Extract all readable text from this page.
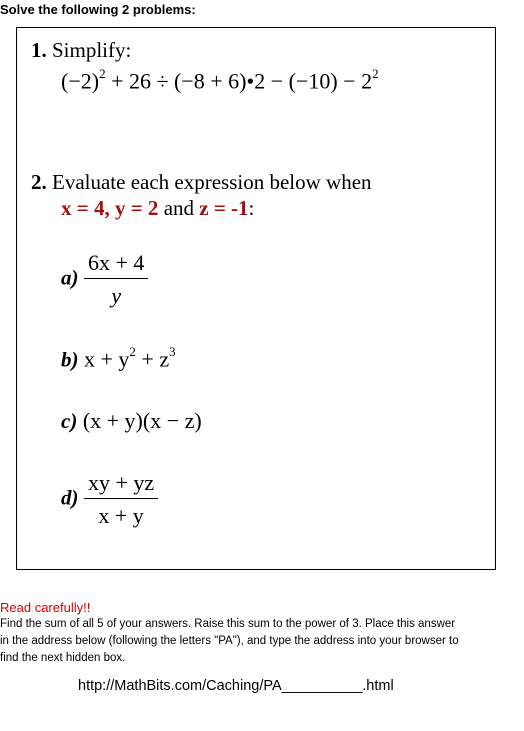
Solve the following 2 problems:
1. Simplify:
$(-2)^2 + 26 \div (-8$ + 6)•2 − $(-10) - 2^2$
2. Evaluate each expression below when
x = 4, y = 2 and z = -1:
$a) \frac{6x + 4}{y}$
b) $x + y^2 + z^3$
c) (x + y)(x − z)
$d) \frac{xy + yz}{x + y}$
Read carefully!!
Find the sum of all 5 of your answers. Raise this sum to the power of 3. Place this answer
in the address below (following the letters "PA"), and type the address into your browser to
find the next hidden box.
http://MathBits.com/Caching/PA__________.html
